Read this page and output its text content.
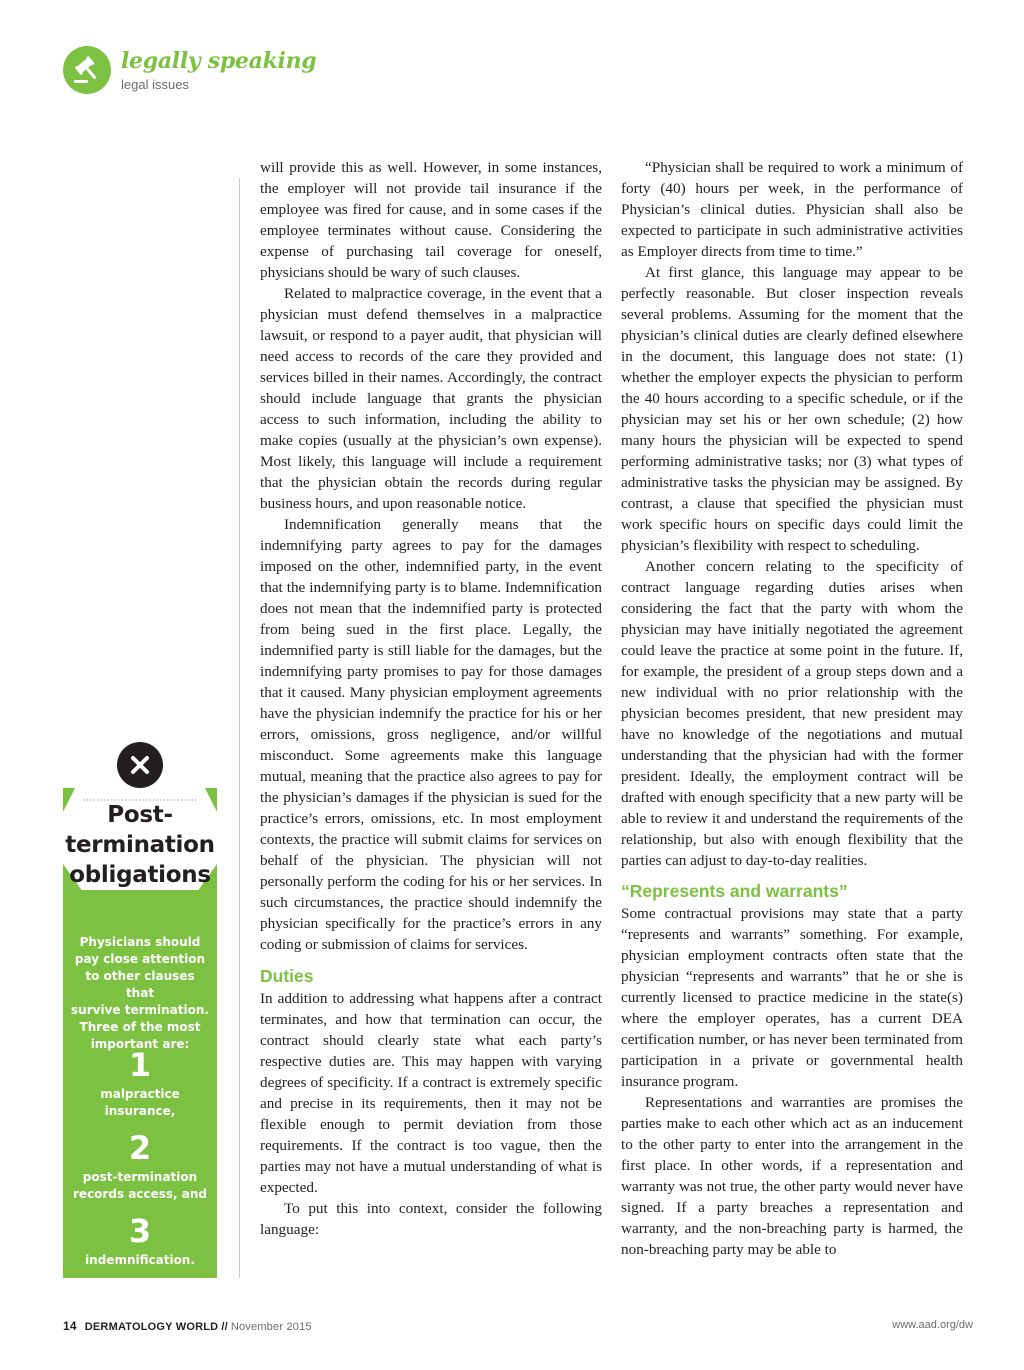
legally speaking
legal issues
Post-
termination
obligations
Physicians should
pay close attention
to other clauses that
survive termination.
Three of the most
important are:
1
malpractice
insurance,
2
post-termination
records access, and
3
indemnification.

will provide this as well. However, in some instances, the employer will not provide tail insurance if the employee was fired for cause, and in some cases if the employee terminates without cause. Considering the expense of purchasing tail coverage for oneself, physicians should be wary of such clauses.

Related to malpractice coverage, in the event that a physician must defend themselves in a malpractice lawsuit, or respond to a payer audit, that physician will need access to records of the care they provided and services billed in their names. Accordingly, the contract should include language that grants the physician access to such information, including the ability to make copies (usually at the physician’s own expense). Most likely, this language will include a requirement that the physician obtain the records during regular business hours, and upon reasonable notice.

Indemnification generally means that the indemnifying party agrees to pay for the damages imposed on the other, indemnified party, in the event that the indemnifying party is to blame. Indemnification does not mean that the indemnified party is protected from being sued in the first place. Legally, the indemnified party is still liable for the damages, but the indemnifying party promises to pay for those damages that it caused. Many physician employment agreements have the physician indemnify the practice for his or her errors, omissions, gross negligence, and/or willful misconduct. Some agreements make this language mutual, meaning that the practice also agrees to pay for the physician’s damages if the physician is sued for the practice’s errors, omissions, etc. In most employment contexts, the practice will submit claims for services on behalf of the physician. The physician will not personally perform the coding for his or her services. In such circumstances, the practice should indemnify the physician specifically for the practice’s errors in any coding or submission of claims for services.

Duties

In addition to addressing what happens after a contract terminates, and how that termination can occur, the contract should clearly state what each party’s respective duties are. This may happen with varying degrees of specificity. If a contract is extremely specific and precise in its requirements, then it may not be flexible enough to permit deviation from those requirements. If the contract is too vague, then the parties may not have a mutual understanding of what is expected.

To put this into context, consider the following language:

“Physician shall be required to work a minimum of forty (40) hours per week, in the performance of Physician’s clinical duties. Physician shall also be expected to participate in such administrative activities as Employer directs from time to time.”

At first glance, this language may appear to be perfectly reasonable. But closer inspection reveals several problems. Assuming for the moment that the physician’s clinical duties are clearly defined elsewhere in the document, this language does not state: (1) whether the employer expects the physician to perform the 40 hours according to a specific schedule, or if the physician may set his or her own schedule; (2) how many hours the physician will be expected to spend performing administrative tasks; nor (3) what types of administrative tasks the physician may be assigned. By contrast, a clause that specified the physician must work specific hours on specific days could limit the physician’s flexibility with respect to scheduling.

Another concern relating to the specificity of contract language regarding duties arises when considering the fact that the party with whom the physician may have initially negotiated the agreement could leave the practice at some point in the future. If, for example, the president of a group steps down and a new individual with no prior relationship with the physician becomes president, that new president may have no knowledge of the negotiations and mutual understanding that the physician had with the former president. Ideally, the employment contract will be drafted with enough specificity that a new party will be able to review it and understand the requirements of the relationship, but also with enough flexibility that the parties can adjust to day-to-day realities.

“Represents and warrants”

Some contractual provisions may state that a party “represents and warrants” something. For example, physician employment contracts often state that the physician “represents and warrants” that he or she is currently licensed to practice medicine in the state(s) where the employer operates, has a current DEA certification number, or has never been terminated from participation in a private or governmental health insurance program.

Representations and warranties are promises the parties make to each other which act as an inducement to the other party to enter into the arrangement in the first place. In other words, if a representation and warranty was not true, the other party would never have signed. If a party breaches a representation and warranty, and the non-breaching party is harmed, the non-breaching party may be able to

14 DERMATOLOGY WORLD // November 2015	www.aad.org/dw
